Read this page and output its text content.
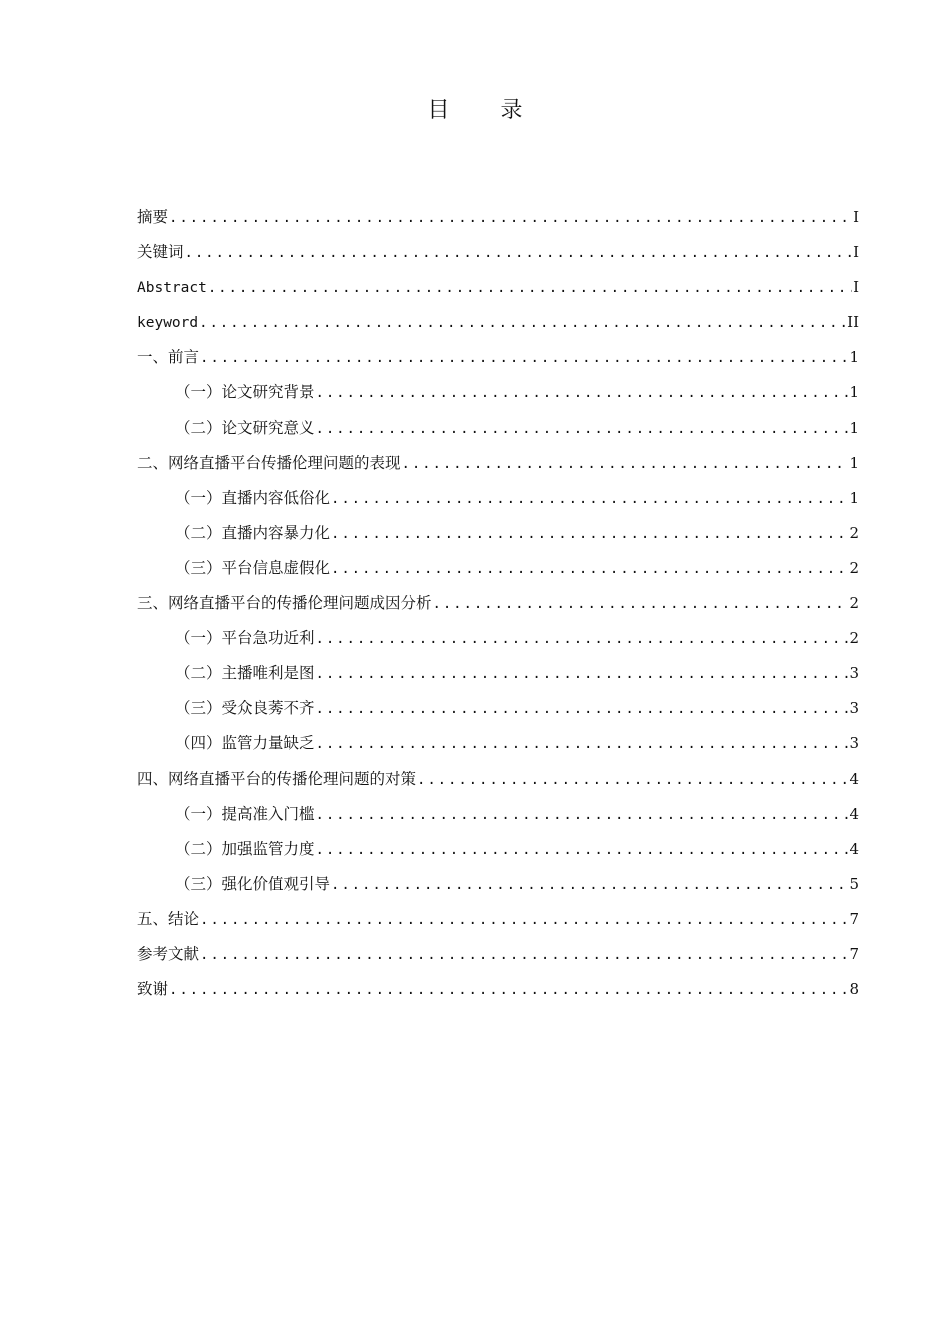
目 录
摘要 .....	I
关键词 .....	I
Abstract .....	I
keyword .....	II
一、前言 .....	1
（一）论文研究背景 .....	1
（二）论文研究意义 .....	1
二、网络直播平台传播伦理问题的表现 .....	1
（一）直播内容低俗化 .....	1
（二）直播内容暴力化 .....	2
（三）平台信息虚假化 .....	2
三、网络直播平台的传播伦理问题成因分析 .....	2
（一）平台急功近利 .....	2
（二）主播唯利是图 .....	3
（三）受众良莠不齐 .....	3
（四）监管力量缺乏 .....	3
四、网络直播平台的传播伦理问题的对策 .....	4
（一）提高准入门槛 .....	4
（二）加强监管力度 .....	4
（三）强化价值观引导 .....	5
五、结论 .....	7
参考文献 .....	7
致谢 .....	8
